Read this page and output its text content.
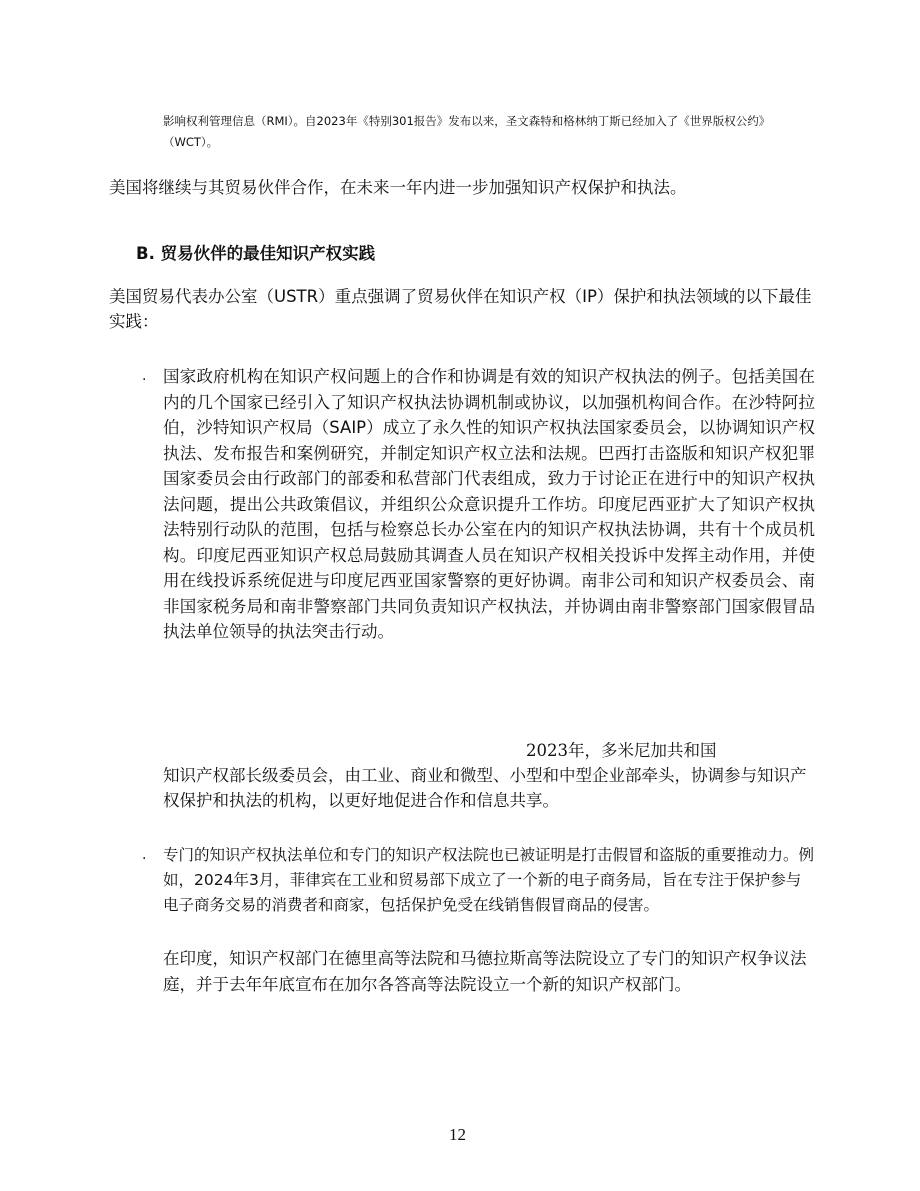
影响权利管理信息（RMI）。自2023年《特别301报告》发布以来，圣文森特和格林纳丁斯已经加入了《世界版权公约》（WCT）。
美国将继续与其贸易伙伴合作，在未来一年内进一步加强知识产权保护和执法。
B. 贸易伙伴的最佳知识产权实践
美国贸易代表办公室（USTR）重点强调了贸易伙伴在知识产权（IP）保护和执法领域的以下最佳实践：
· 国家政府机构在知识产权问题上的合作和协调是有效的知识产权执法的例子。包括美国在内的几个国家已经引入了知识产权执法协调机制或协议，以加强机构间合作。在沙特阿拉伯，沙特知识产权局（SAIP）成立了永久性的知识产权执法国家委员会，以协调知识产权执法、发布报告和案例研究，并制定知识产权立法和法规。巴西打击盗版和知识产权犯罪国家委员会由行政部门的部委和私营部门代表组成，致力于讨论正在进行中的知识产权执法问题，提出公共政策倡议，并组织公众意识提升工作坊。印度尼西亚扩大了知识产权执法特别行动队的范围，包括与检察总长办公室在内的知识产权执法协调，共有十个成员机构。印度尼西亚知识产权总局鼓励其调查人员在知识产权相关投诉中发挥主动作用，并使用在线投诉系统促进与印度尼西亚国家警察的更好协调。南非公司和知识产权委员会、南非国家税务局和南非警察部门共同负责知识产权执法，并协调由南非警察部门国家假冒品执法单位领导的执法突击行动。
2023年，多米尼加共和国
知识产权部长级委员会，由工业、商业和微型、小型和中型企业部牵头，协调参与知识产权保护和执法的机构，以更好地促进合作和信息共享。
· 专门的知识产权执法单位和专门的知识产权法院也已被证明是打击假冒和盗版的重要推动力。例如，2024年3月，菲律宾在工业和贸易部下成立了一个新的电子商务局，旨在专注于保护参与电子商务交易的消费者和商家，包括保护免受在线销售假冒商品的侵害。
在印度，知识产权部门在德里高等法院和马德拉斯高等法院设立了专门的知识产权争议法庭，并于去年年底宣布在加尔各答高等法院设立一个新的知识产权部门。
12
